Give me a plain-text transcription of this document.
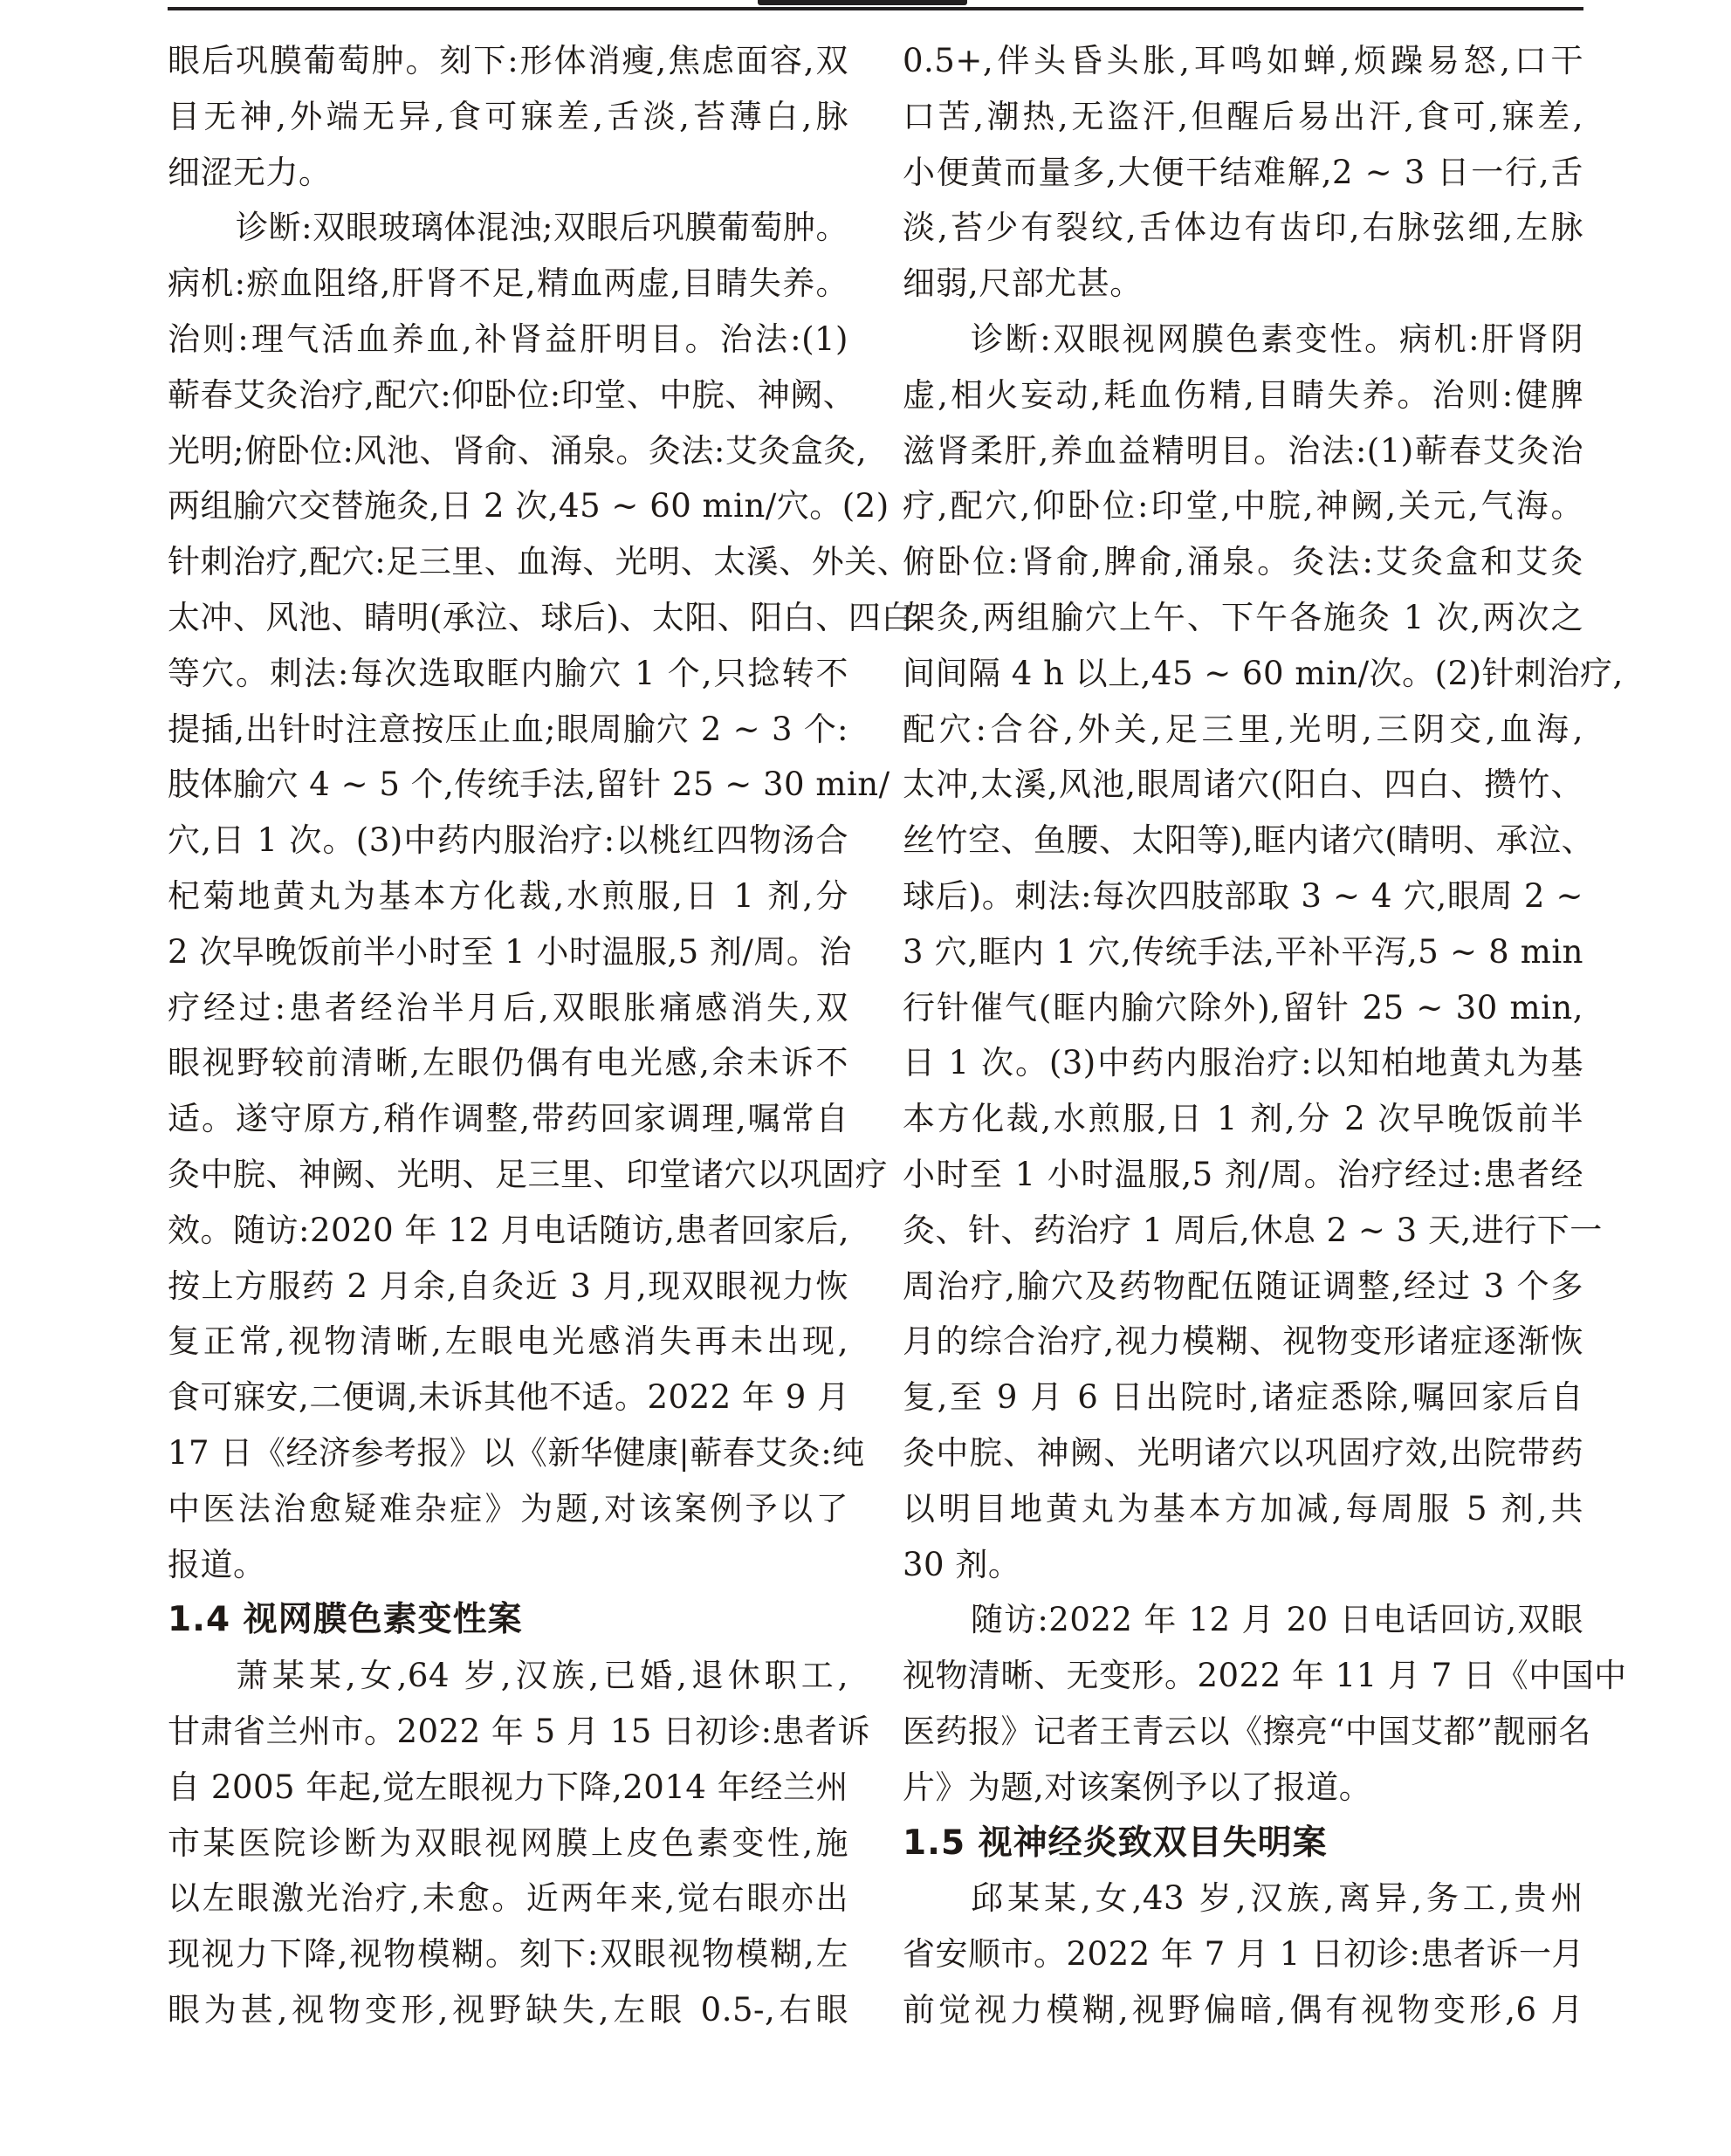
眼后巩膜葡萄肿。刻下:形体消瘦,焦虑面容,双
目无神,外端无异,食可寐差,舌淡,苔薄白,脉
细涩无力。
诊断:双眼玻璃体混浊;双眼后巩膜葡萄肿。
病机:瘀血阻络,肝肾不足,精血两虚,目睛失养。
治则:理气活血养血,补肾益肝明目。治法:(1)
蕲春艾灸治疗,配穴:仰卧位:印堂、中脘、神阙、
光明;俯卧位:风池、肾俞、涌泉。灸法:艾灸盒灸,
两组腧穴交替施灸,日 2 次,45 ~ 60 min/穴。(2)
针刺治疗,配穴:足三里、血海、光明、太溪、外关、
太冲、风池、睛明(承泣、球后)、太阳、阳白、四白
等穴。刺法:每次选取眶内腧穴 1 个,只捻转不
提插,出针时注意按压止血;眼周腧穴 2 ~ 3 个:
肢体腧穴 4 ~ 5 个,传统手法,留针 25 ~ 30 min/
穴,日 1 次。(3)中药内服治疗:以桃红四物汤合
杞菊地黄丸为基本方化裁,水煎服,日 1 剂,分
2 次早晚饭前半小时至 1 小时温服,5 剂/周。治
疗经过:患者经治半月后,双眼胀痛感消失,双
眼视野较前清晰,左眼仍偶有电光感,余未诉不
适。遂守原方,稍作调整,带药回家调理,嘱常自
灸中脘、神阙、光明、足三里、印堂诸穴以巩固疗
效。随访:2020 年 12 月电话随访,患者回家后,
按上方服药 2 月余,自灸近 3 月,现双眼视力恢
复正常,视物清晰,左眼电光感消失再未出现,
食可寐安,二便调,未诉其他不适。2022 年 9 月
17 日《经济参考报》以《新华健康|蕲春艾灸:纯
中医法治愈疑难杂症》为题,对该案例予以了
报道。
1.4 视网膜色素变性案
萧某某,女,64 岁,汉族,已婚,退休职工,
甘肃省兰州市。2022 年 5 月 15 日初诊:患者诉
自 2005 年起,觉左眼视力下降,2014 年经兰州
市某医院诊断为双眼视网膜上皮色素变性,施
以左眼激光治疗,未愈。近两年来,觉右眼亦出
现视力下降,视物模糊。刻下:双眼视物模糊,左
眼为甚,视物变形,视野缺失,左眼 0.5-,右眼
0.5+,伴头昏头胀,耳鸣如蝉,烦躁易怒,口干
口苦,潮热,无盗汗,但醒后易出汗,食可,寐差,
小便黄而量多,大便干结难解,2 ~ 3 日一行,舌
淡,苔少有裂纹,舌体边有齿印,右脉弦细,左脉
细弱,尺部尤甚。
诊断:双眼视网膜色素变性。病机:肝肾阴
虚,相火妄动,耗血伤精,目睛失养。治则:健脾
滋肾柔肝,养血益精明目。治法:(1)蕲春艾灸治
疗,配穴,仰卧位:印堂,中脘,神阙,关元,气海。
俯卧位:肾俞,脾俞,涌泉。灸法:艾灸盒和艾灸
架灸,两组腧穴上午、下午各施灸 1 次,两次之
间间隔 4 h 以上,45 ~ 60 min/次。(2)针刺治疗,
配穴:合谷,外关,足三里,光明,三阴交,血海,
太冲,太溪,风池,眼周诸穴(阳白、四白、攒竹、
丝竹空、鱼腰、太阳等),眶内诸穴(睛明、承泣、
球后)。刺法:每次四肢部取 3 ~ 4 穴,眼周 2 ~
3 穴,眶内 1 穴,传统手法,平补平泻,5 ~ 8 min
行针催气(眶内腧穴除外),留针 25 ~ 30 min,
日 1 次。(3)中药内服治疗:以知柏地黄丸为基
本方化裁,水煎服,日 1 剂,分 2 次早晚饭前半
小时至 1 小时温服,5 剂/周。治疗经过:患者经
灸、针、药治疗 1 周后,休息 2 ~ 3 天,进行下一
周治疗,腧穴及药物配伍随证调整,经过 3 个多
月的综合治疗,视力模糊、视物变形诸症逐渐恢
复,至 9 月 6 日出院时,诸症悉除,嘱回家后自
灸中脘、神阙、光明诸穴以巩固疗效,出院带药
以明目地黄丸为基本方加减,每周服 5 剂,共
30 剂。
随访:2022 年 12 月 20 日电话回访,双眼
视物清晰、无变形。2022 年 11 月 7 日《中国中
医药报》记者王青云以《擦亮“中国艾都”靓丽名
片》为题,对该案例予以了报道。
1.5 视神经炎致双目失明案
邱某某,女,43 岁,汉族,离异,务工,贵州
省安顺市。2022 年 7 月 1 日初诊:患者诉一月
前觉视力模糊,视野偏暗,偶有视物变形,6 月
